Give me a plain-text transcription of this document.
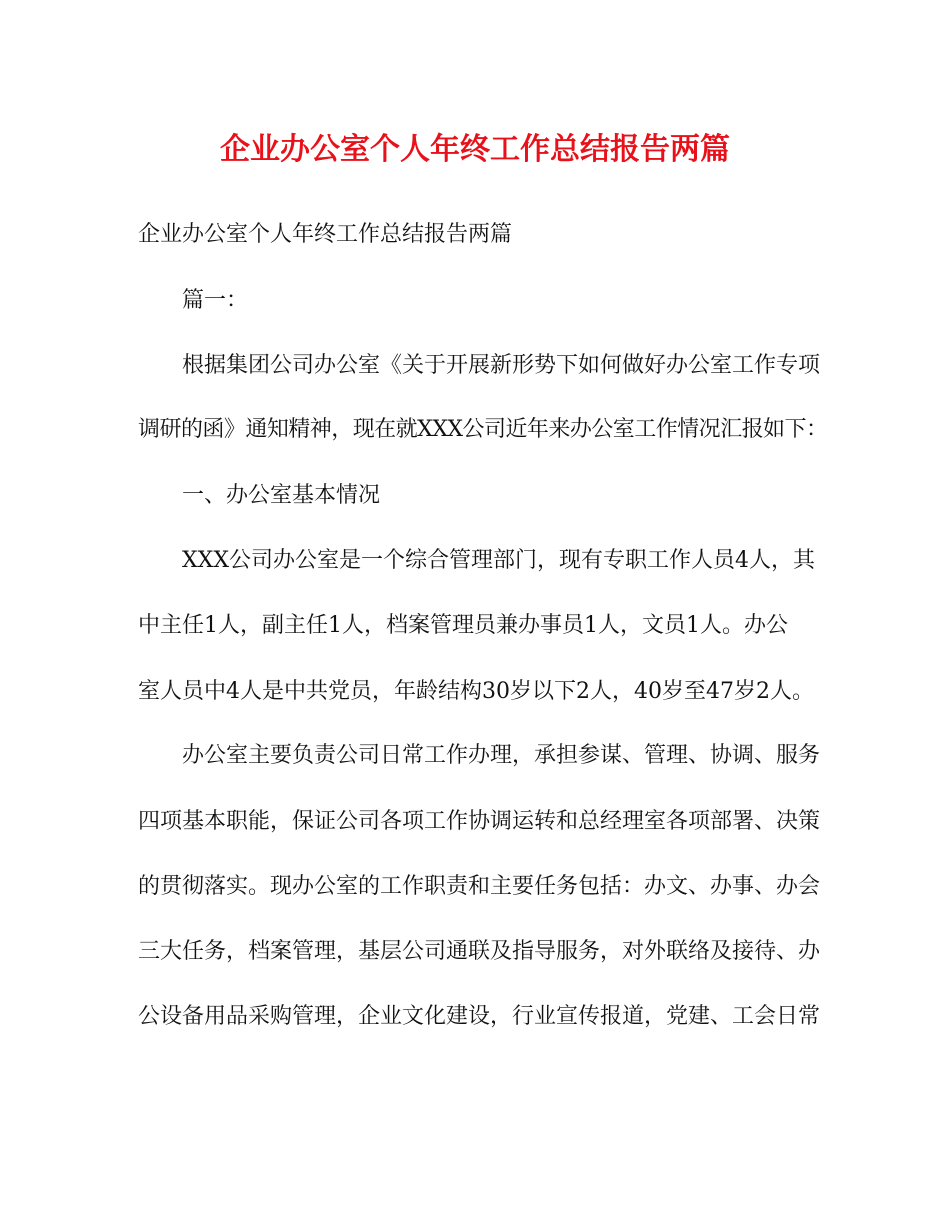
企业办公室个人年终工作总结报告两篇

企业办公室个人年终工作总结报告两篇

篇一：

根据集团公司办公室《关于开展新形势下如何做好办公室工作专项

调研的函》通知精神，现在就XXX公司近年来办公室工作情况汇报如下：

一、办公室基本情况

XXX公司办公室是一个综合管理部门，现有专职工作人员4人，其

中主任1人，副主任1人，档案管理员兼办事员1人，文员1人。办公

室人员中4人是中共党员，年龄结构30岁以下2人，40岁至47岁2人。

办公室主要负责公司日常工作办理，承担参谋、管理、协调、服务

四项基本职能，保证公司各项工作协调运转和总经理室各项部署、决策

的贯彻落实。现办公室的工作职责和主要任务包括：办文、办事、办会

三大任务，档案管理，基层公司通联及指导服务，对外联络及接待、办

公设备用品采购管理，企业文化建设，行业宣传报道，党建、工会日常
